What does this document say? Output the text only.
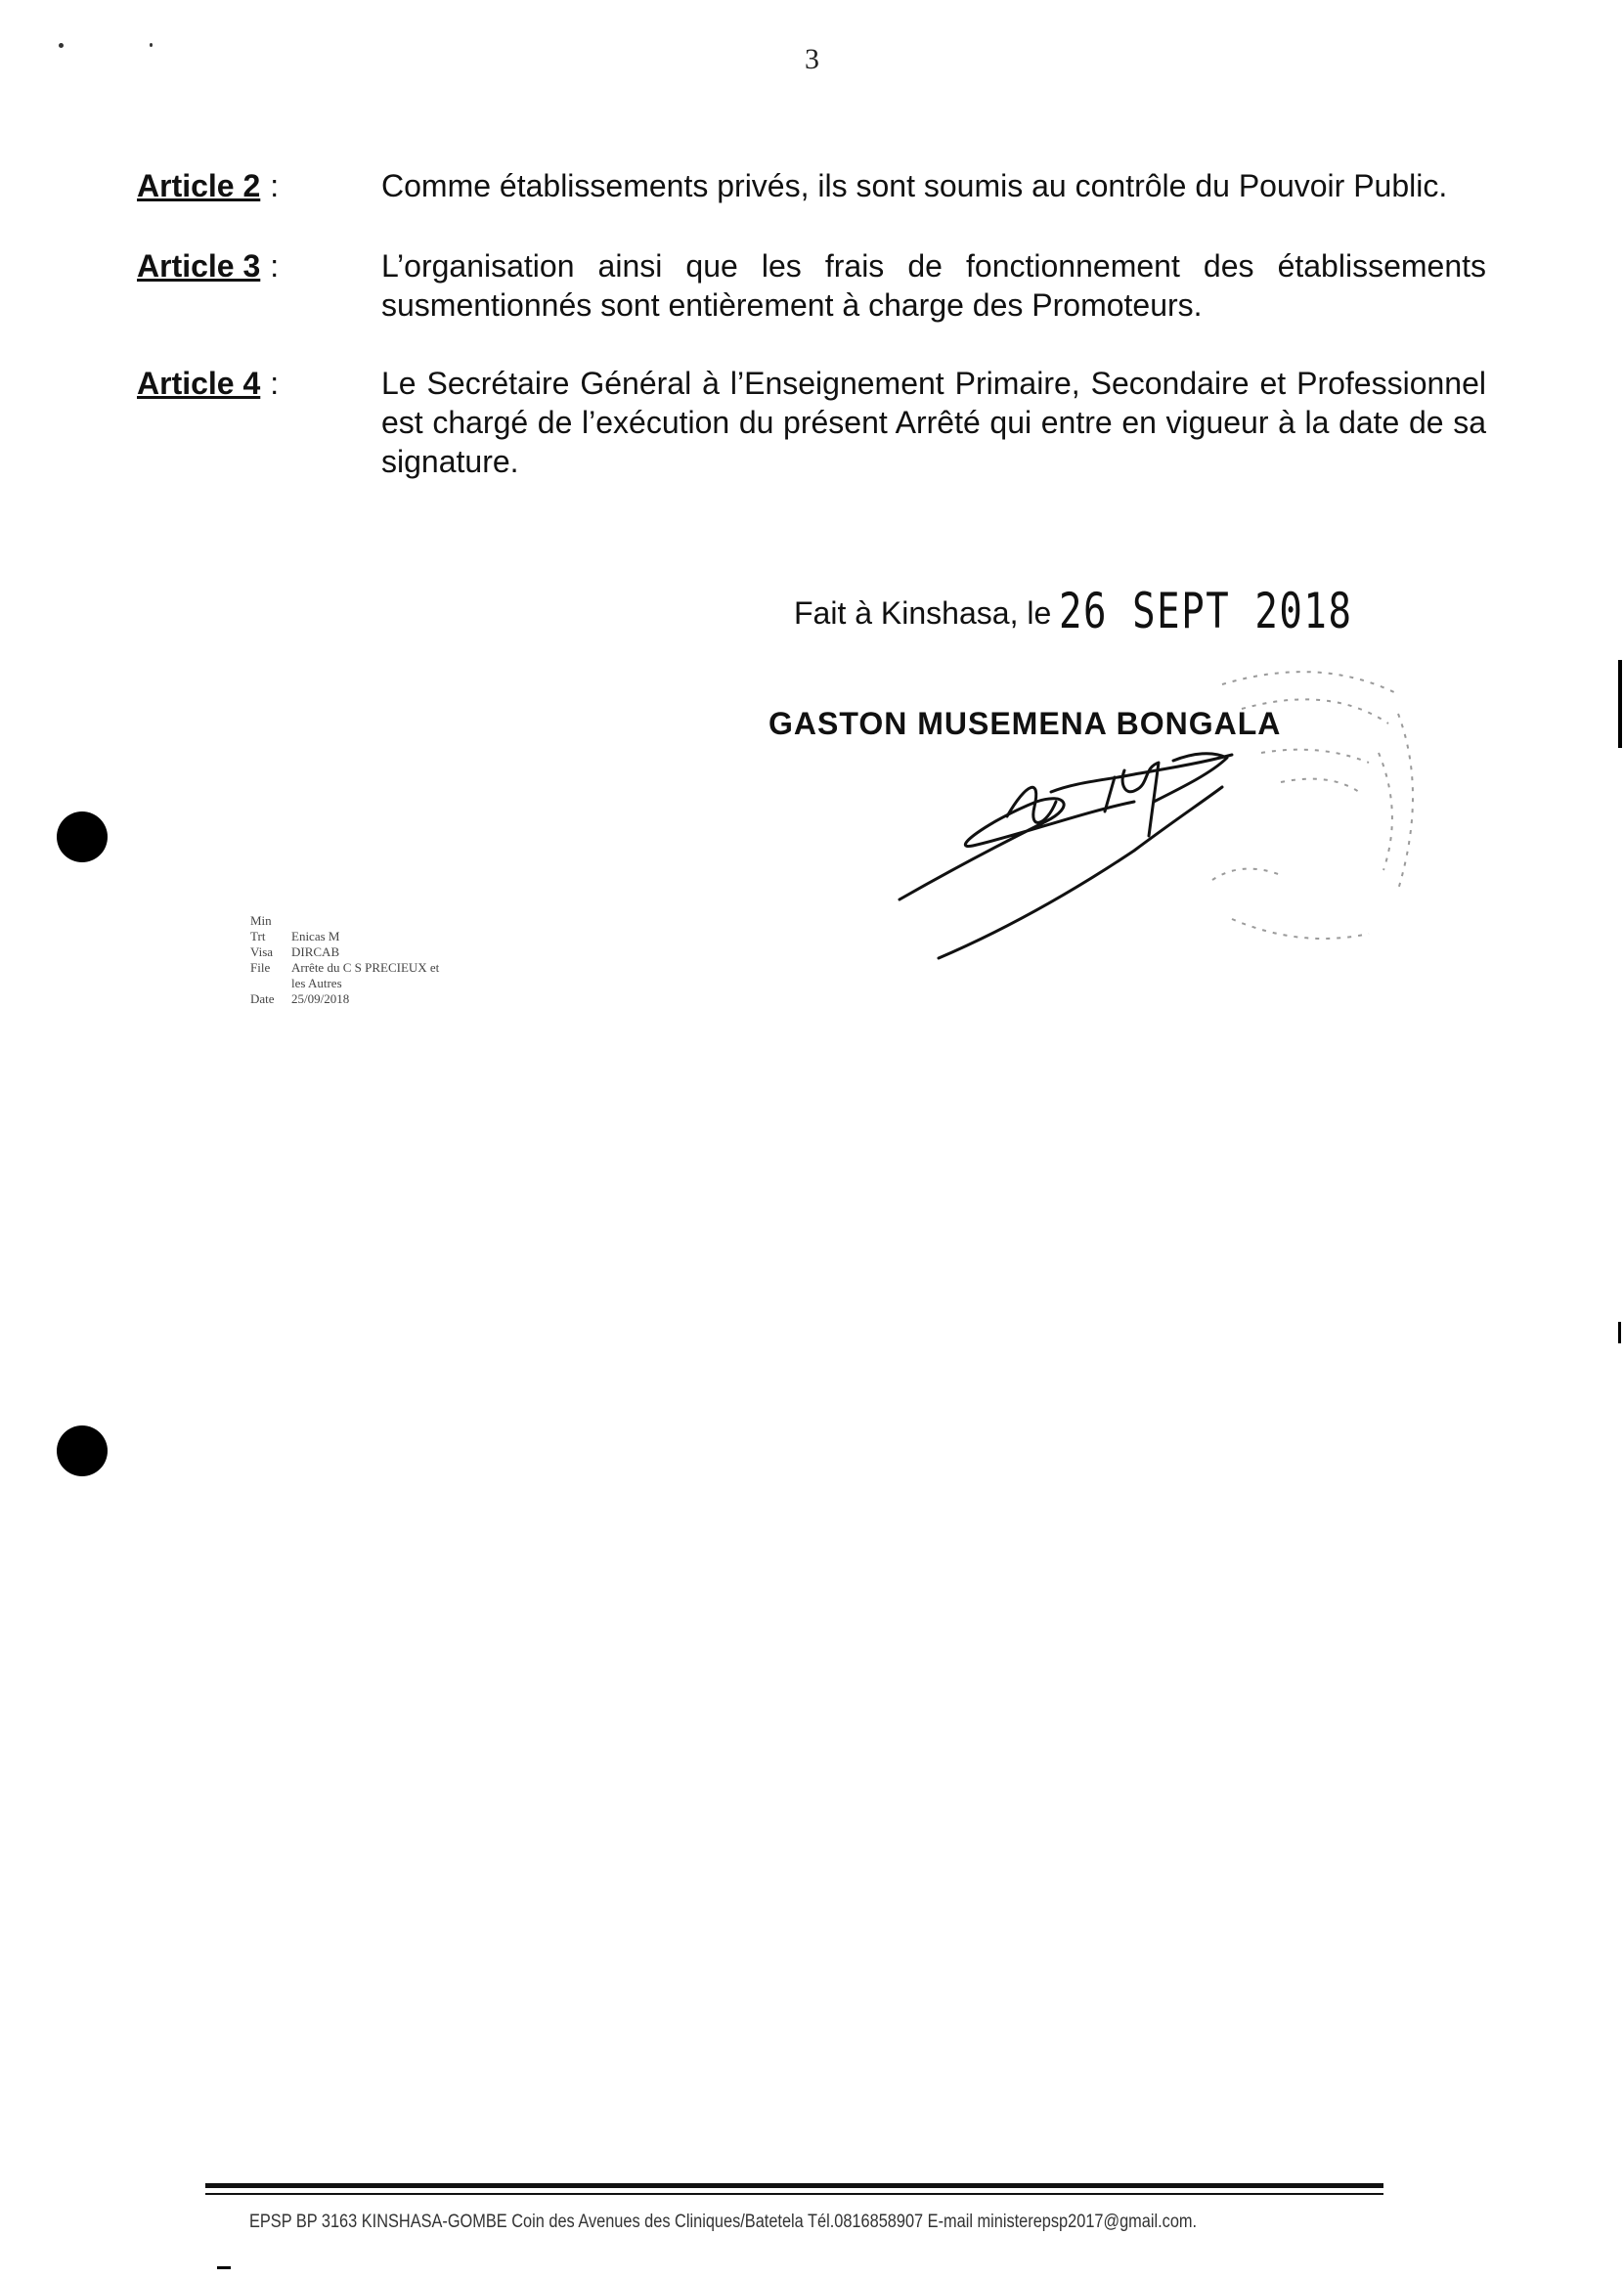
3
Article 2 :	Comme établissements privés, ils sont soumis au contrôle du Pouvoir Public.
Article 3 :	L’organisation ainsi que les frais de fonctionnement des établissements susmentionnés sont entièrement à charge des Promoteurs.
Article 4 :	Le Secrétaire Général à l’Enseignement Primaire, Secondaire et Professionnel est chargé de l’exécution du présent Arrêté qui entre en vigueur à la date de sa signature.
Fait à Kinshasa, le 26 SEPT 2018
GASTON MUSEMENA BONGALA
Min
Trt	Enicas M
Visa	DIRCAB
File	Arrête du C S PRECIEUX et
les Autres
Date	25/09/2018
EPSP BP 3163 KINSHASA-GOMBE Coin des Avenues des Cliniques/Batetela Tél.0816858907 E-mail ministerepsp2017@gmail.com.
